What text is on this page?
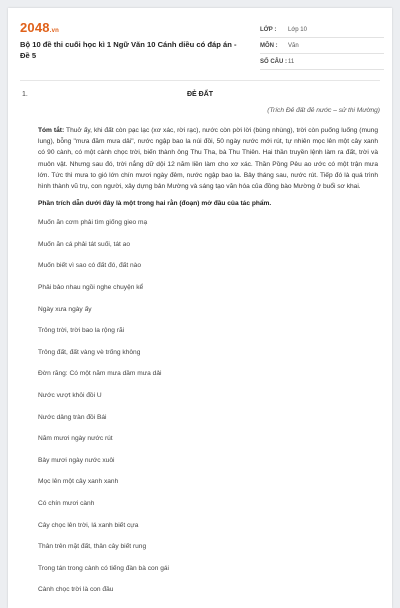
2048.vn
Bộ 10 đề thi cuối học kì 1 Ngữ Văn 10 Cánh diều có đáp án - Đề 5
LỚP :	Lớp 10
MÔN :	Văn
SỐ CÂU : 11
ĐẺ ĐẤT
1.
(Trích Đẻ đất đẻ nước – sử thi Mường)

Tóm tắt: Thuở ấy, khi đất còn pạc lạc (xơ xác, rời rạc), nước còn pời lời (bùng nhùng), trời còn puống luống (mung lung), bỗng "mưa đăm mưa dải", nước ngập bao la núi đồi, 50 ngày nước mới rút, tự nhiên mọc lên một cây xanh có 90 cành, có một cành chọc trời, biến thành ông Thu Tha, bà Thu Thiên. Hai thần truyền lệnh làm ra đất, trời và muôn vật. Nhưng sau đó, trời nắng dữ dội 12 năm liền làm cho xơ xác. Thần Pồng Pêu ao ước có một trận mưa lớn. Tức thì mưa to gió lớn chín mươi ngày đêm, nước ngập bao la. Bảy tháng sau, nước rút. Tiếp đó là quá trình hình thành vũ trụ, con người, xây dựng bản Mường và sáng tạo văn hóa của đồng bào Mường ở buổi sơ khai.

Phần trích dẫn dưới đây là một trong hai rằn (đoạn) mở đầu của tác phẩm.

Muốn ăn cơm phải tìm giống gieo mạ

Muốn ăn cá phải tát suối, tát ao

Muốn biết vì sao có đất đó, đất nào

Phải bảo nhau ngồi nghe chuyện kể

Ngày xưa ngày ấy

Trông trời, trời bao la rộng rãi

Trông đất, đất vàng vè trống không

Đờn răng: Có một năm mưa dầm mưa dải

Nước vượt khỏi đồi U

Nước dâng tràn đồi Bái

Năm mươi ngày nước rút

Bảy mươi ngày nước xuôi

Mọc lên một cây xanh xanh

Có chín mươi cành

Cây chọc lên trời, lá xanh biết cựa

Thân trên mặt đất, thân cây biết rung

Trong tán trong cành có tiếng đàn bà con gái

Cành chọc trời là con đầu
